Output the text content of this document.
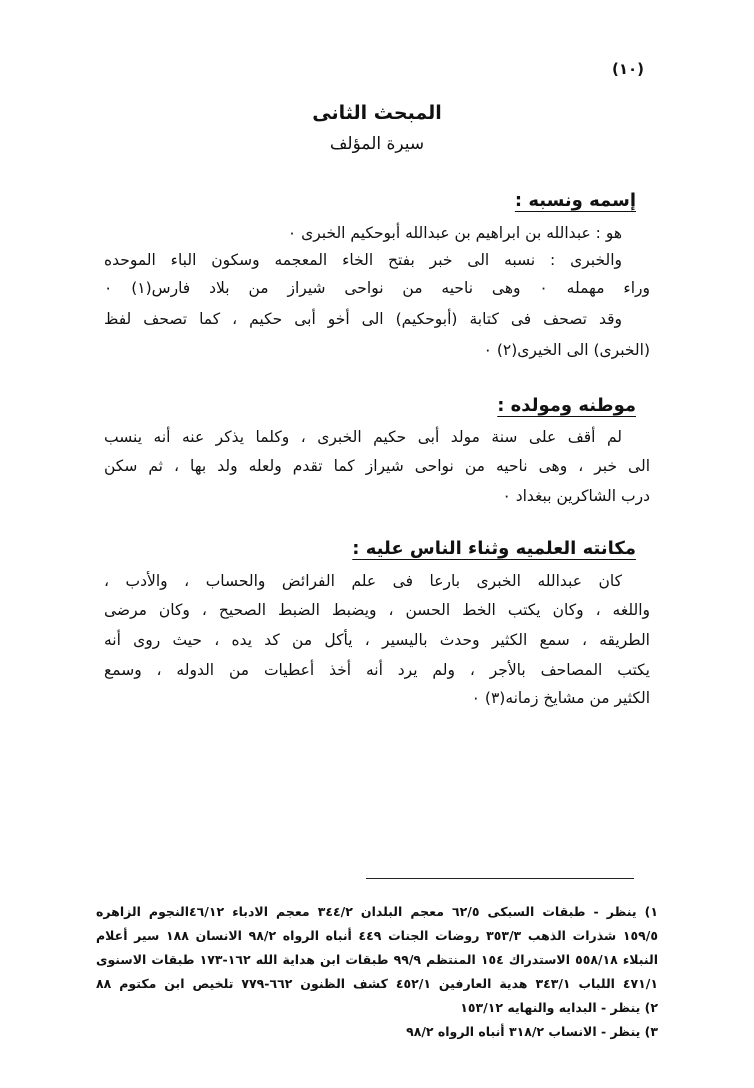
(١٠)
المبحث الثانى
سيرة المؤلف
إسمه ونسبه :
هو : عبدالله بن ابراهيم بن عبدالله أبوحكيم الخبرى ٠
والخبرى : نسبه الى خبر بفتح الخاء المعجمه وسكون الباء الموحده
وراء مهمله ٠ وهى ناحيه من نواحى شيراز من بلاد فارس(١) ٠
وقد تصحف فى كتابة (أبوحكيم) الى أخو أبى حكيم ، كما تصحف لفظ
(الخبرى) الى الخيرى(٢) ٠
موطنه ومولده :
لم أقف على سنة مولد أبى حكيم الخبرى ، وكلما يذكر عنه أنه ينسب
الى خبر ، وهى ناحيه من نواحى شيراز كما تقدم ولعله ولد بها ، ثم سكن
درب الشاكرين ببغداد ٠
مكانته العلميه وثناء الناس عليه :
كان عبدالله الخبرى بارعا فى علم الفرائض والحساب ، والأدب ،
واللغه ، وكان يكتب الخط الحسن ، ويضبط الضبط الصحيح ، وكان مرضى
الطريقه ، سمع الكثير وحدث باليسير ، يأكل من كد يده ، حيث روى أنه
يكتب المصاحف بالأجر ، ولم يرد أنه أخذ أعطيات من الدوله ، وسمع
الكثير من مشايخ زمانه(٣) ٠
١) ينظر - طبقات السبكى ٦٢/٥ معجم البلدان ٣٤٤/٢ معجم الادباء ٤٦/١٢النجوم الزاهره
١٥٩/٥ شذرات الذهب ٣٥٣/٣ روضات الجنات ٤٤٩ أنباه الرواه ٩٨/٢ الانسان ١٨٨ سير أعلام
النبلاء ٥٥٨/١٨ الاستدراك ١٥٤ المنتظم ٩٩/٩ طبقات ابن هداية الله ١٦٢-١٧٣ طبقات الاسنوى
٤٧١/١ اللباب ٣٤٣/١ هدية العارفين ٤٥٢/١ كشف الظنون ٦٦٢-٧٧٩ تلخيص ابن مكتوم ٨٨
٢) ينظر - البدايه والنهايه ١٥٣/١٢
٣) ينظر - الانساب ٣١٨/٢ أنباه الرواه ٩٨/٢
